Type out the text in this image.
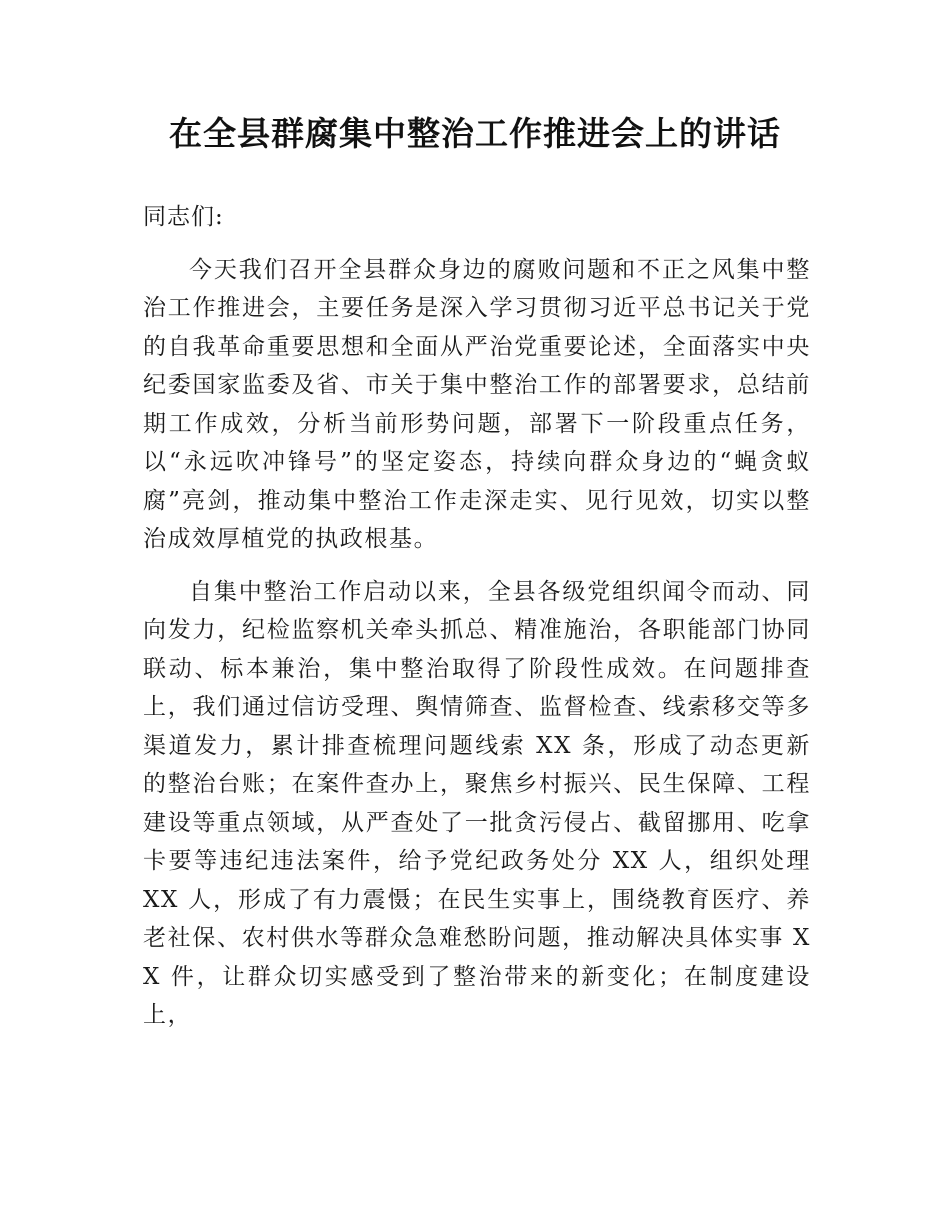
在全县群腐集中整治工作推进会上的讲话

同志们:

今天我们召开全县群众身边的腐败问题和不正之风集中整治工作推进会，主要任务是深入学习贯彻习近平总书记关于党的自我革命重要思想和全面从严治党重要论述，全面落实中央纪委国家监委及省、市关于集中整治工作的部署要求，总结前期工作成效，分析当前形势问题，部署下一阶段重点任务，以“永远吹冲锋号”的坚定姿态，持续向群众身边的“蝇贪蚁腐”亮剑，推动集中整治工作走深走实、见行见效，切实以整治成效厚植党的执政根基。

自集中整治工作启动以来，全县各级党组织闻令而动、同向发力，纪检监察机关牵头抓总、精准施治，各职能部门协同联动、标本兼治，集中整治取得了阶段性成效。在问题排查上，我们通过信访受理、舆情筛查、监督检查、线索移交等多渠道发力，累计排查梳理问题线索 XX 条，形成了动态更新的整治台账；在案件查办上，聚焦乡村振兴、民生保障、工程建设等重点领域，从严查处了一批贪污侵占、截留挪用、吃拿卡要等违纪违法案件，给予党纪政务处分 XX 人，组织处理 XX 人，形成了有力震慑；在民生实事上，围绕教育医疗、养老社保、农村供水等群众急难愁盼问题，推动解决具体实事 XX 件，让群众切实感受到了整治带来的新变化；在制度建设上，
